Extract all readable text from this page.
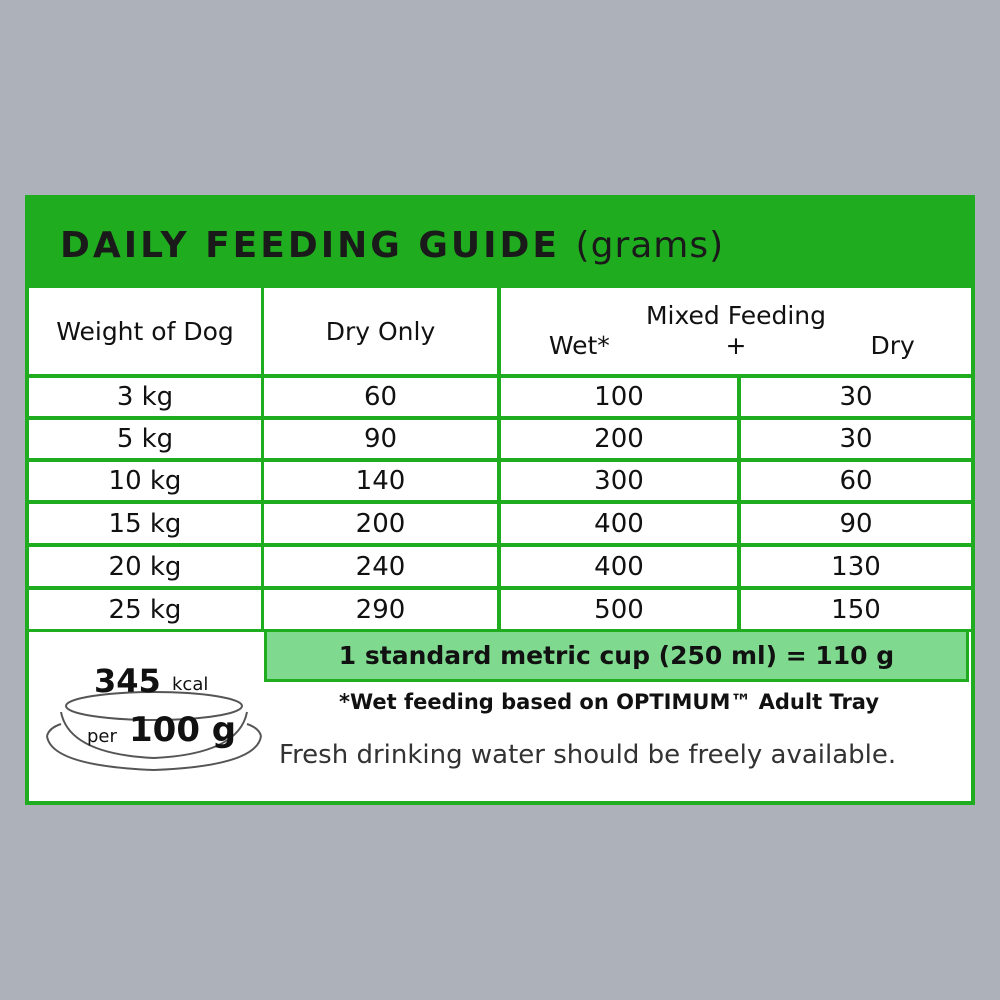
DAILY FEEDING GUIDE (grams)
Weight of Dog	Dry Only
Mixed Feeding
Wet*	+	Dry
3 kg	60	100	30
5 kg	90	200	30
10 kg	140	300	60
15 kg	200	400	90
20 kg	240	400	130
25 kg	290	500	150
1 standard metric cup (250 ml) = 110 g
345 kcal
per 100 g
*Wet feeding based on OPTIMUM™ Adult Tray
Fresh drinking water should be freely available.
